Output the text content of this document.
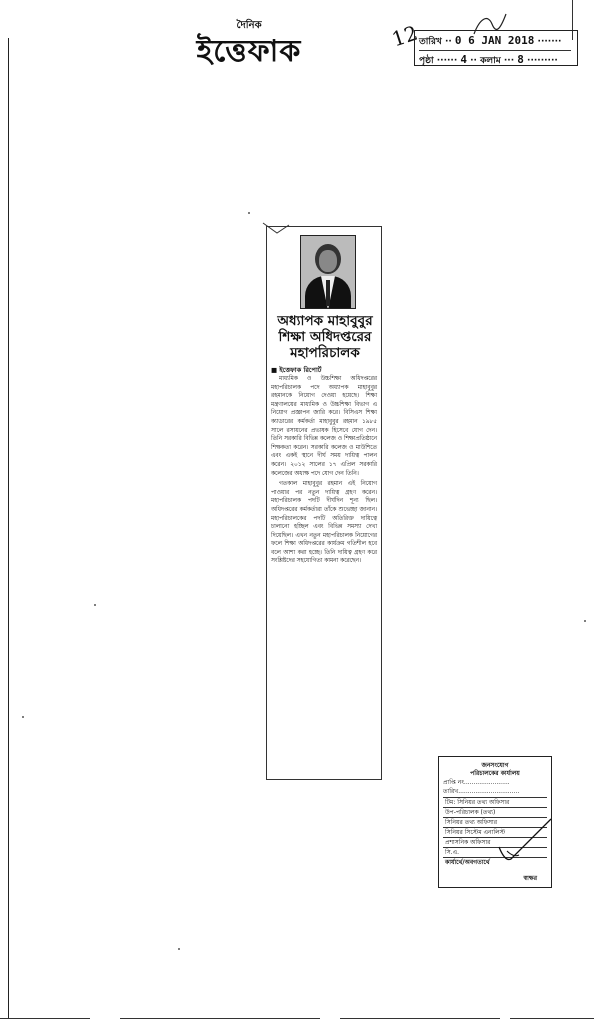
দৈনিক
ইত্তেফাক	12
তারিখ ·· 0 6 JAN 2018 ·······
পৃষ্ঠা ······ 4 ·· কলাম ··· 8 ·········
অধ্যাপক মাহাবুবুর
শিক্ষা অধিদপ্তরের
মহাপরিচালক
■ ইত্তেফাক রিপোর্ট

মাধ্যমিক ও উচ্চশিক্ষা অধিদপ্তরের মহাপরিচালক পদে অধ্যাপক মাহাবুবুর রহমানকে নিয়োগ দেওয়া হয়েছে। শিক্ষা মন্ত্রণালয়ের মাধ্যমিক ও উচ্চশিক্ষা বিভাগ এ নিয়োগ প্রজ্ঞাপন জারি করে। বিসিএস শিক্ষা ক্যাডারের কর্মকর্তা মাহাবুবুর রহমান ১৯৮৫ সালে রসায়নের প্রভাষক হিসেবে যোগ দেন। তিনি সরকারি বিভিন্ন কলেজ ও শিক্ষাপ্রতিষ্ঠানে শিক্ষকতা করেন। সরকারি কলেজ ও মাউশিতে এবং একই স্থানে দীর্ঘ সময় দায়িত্ব পালন করেন। ২০১২ সালের ১৭ এপ্রিল সরকারি কলেজের অধ্যক্ষ পদে যোগ দেন তিনি।

গতকাল মাহাবুবুর রহমান এই নিয়োগ পাওয়ার পর নতুন দায়িত্ব গ্রহণ করেন। মহাপরিচালক পদটি দীর্ঘদিন শূন্য ছিল। অধিদপ্তরের কর্মকর্তারা তাঁকে শুভেচ্ছা জানান। মহাপরিচালকের পদটি অতিরিক্ত দায়িত্বে চালানো হচ্ছিল এবং বিভিন্ন সমস্যা দেখা দিয়েছিল। এখন নতুন মহাপরিচালক নিয়োগের ফলে শিক্ষা অধিদপ্তরের কার্যক্রম গতিশীল হবে বলে আশা করা হচ্ছে। তিনি দায়িত্ব গ্রহণ করে সংশ্লিষ্টদের সহযোগিতা কামনা করেছেন।

জনসংযোগ
পরিচালকের কার্যালয়
প্রাপ্তি নং........................
তারিখ................................
টিম: সিনিয়র তথ্য অফিসার
উপ-পরিচালক (তথ্য)
সিনিয়র তথ্য অফিসার
সিনিয়র সিস্টেম এনালিস্ট
প্রশাসনিক অফিসার
সি.এ.
কার্যার্থে/অবগতার্থে
স্বাক্ষর
